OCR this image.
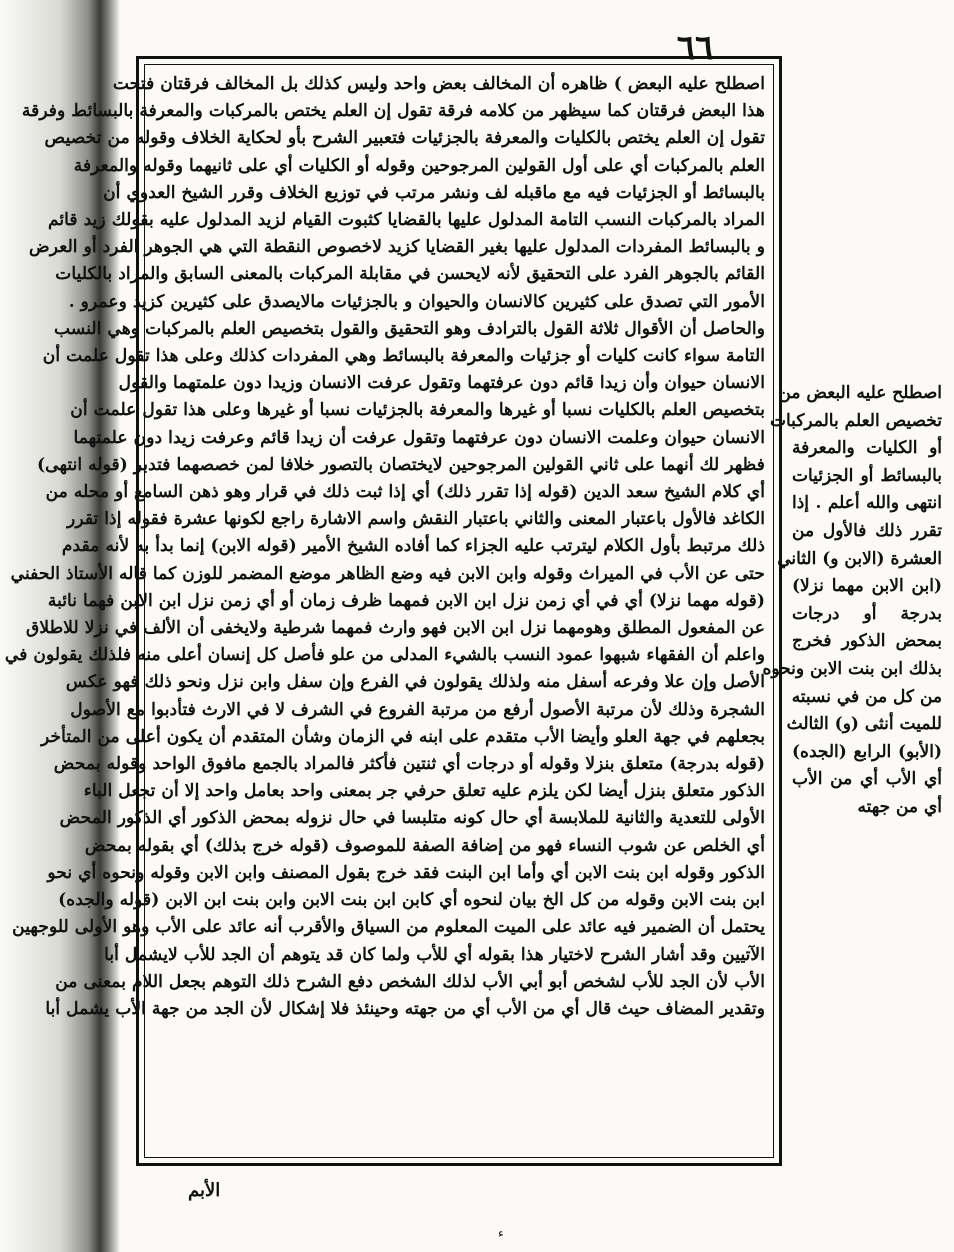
٦٦
اصطلح عليه البعض ) ظاهره أن المخالف بعض واحد وليس كذلك بل المخالف فرقتان فتحت
هذا البعض فرقتان كما سيظهر من كلامه فرقة تقول إن العلم يختص بالمركبات والمعرفة بالبسائط وفرقة
تقول إن العلم يختص بالكليات والمعرفة بالجزئيات فتعبير الشرح بأو لحكاية الخلاف وقوله من تخصيص
العلم بالمركبات أي على أول القولين المرجوحين وقوله أو الكليات أي على ثانيهما وقوله والمعرفة
بالبسائط أو الجزئيات فيه مع ماقبله لف ونشر مرتب في توزيع الخلاف وقرر الشيخ العدوي أن
المراد بالمركبات النسب التامة المدلول عليها بالقضايا كثبوت القيام لزيد المدلول عليه بقولك زيد قائم
و بالبسائط المفردات المدلول عليها بغير القضايا كزيد لاخصوص النقطة التي هي الجوهر الفرد أو العرض
القائم بالجوهر الفرد على التحقيق لأنه لايحسن في مقابلة المركبات بالمعنى السابق والمراد بالكليات
الأمور التي تصدق على كثيرين كالانسان والحيوان و بالجزئيات مالايصدق على كثيرين كزيد وعمرو .
والحاصل أن الأقوال ثلاثة القول بالترادف وهو التحقيق والقول بتخصيص العلم بالمركبات وهي النسب
التامة سواء كانت كليات أو جزئيات والمعرفة بالبسائط وهي المفردات كذلك وعلى هذا تقول علمت أن
الانسان حيوان وأن زيدا قائم دون عرفتهما وتقول عرفت الانسان وزيدا دون علمتهما والقول
بتخصيص العلم بالكليات نسبا أو غيرها والمعرفة بالجزئيات نسبا أو غيرها وعلى هذا تقول علمت أن
الانسان حيوان وعلمت الانسان دون عرفتهما وتقول عرفت أن زيدا قائم وعرفت زيدا دون علمتهما
فظهر لك أنهما على ثاني القولين المرجوحين لايختصان بالتصور خلافا لمن خصصهما فتدبر (قوله انتهى)
أي كلام الشيخ سعد الدين (قوله إذا تقرر ذلك) أي إذا ثبت ذلك في قرار وهو ذهن السامع أو محله من
الكاغد فالأول باعتبار المعنى والثاني باعتبار النقش واسم الاشارة راجع لكونها عشرة فقوله إذا تقرر
ذلك مرتبط بأول الكلام ليترتب عليه الجزاء كما أفاده الشيخ الأمير (قوله الابن) إنما بدأ به لأنه مقدم
حتى عن الأب في الميراث وقوله وابن الابن فيه وضع الظاهر موضع المضمر للوزن كما قاله الأستاذ الحفني
(قوله مهما نزلا) أي في أي زمن نزل ابن الابن فمهما ظرف زمان أو أي زمن نزل ابن الابن فهما نائبة
عن المفعول المطلق وهومهما نزل ابن الابن فهو وارث فمهما شرطية ولايخفى أن الألف في نزلا للاطلاق
واعلم أن الفقهاء شبهوا عمود النسب بالشيء المدلى من علو فأصل كل إنسان أعلى منه فلذلك يقولون في
الأصل وإن علا وفرعه أسفل منه ولذلك يقولون في الفرع وإن سفل وابن نزل ونحو ذلك فهو عكس
الشجرة وذلك لأن مرتبة الأصول أرفع من مرتبة الفروع في الشرف لا في الارث فتأدبوا مع الأصول
بجعلهم في جهة العلو وأيضا الأب متقدم على ابنه في الزمان وشأن المتقدم أن يكون أعلى من المتأخر
(قوله بدرجة) متعلق بنزلا وقوله أو درجات أي ثنتين فأكثر فالمراد بالجمع مافوق الواحد وقوله بمحض
الذكور متعلق بنزل أيضا لكن يلزم عليه تعلق حرفي جر بمعنى واحد بعامل واحد إلا أن تجعل الباء
الأولى للتعدية والثانية للملابسة أي حال كونه متلبسا في حال نزوله بمحض الذكور أي الذكور المحض
أي الخلص عن شوب النساء فهو من إضافة الصفة للموصوف (قوله خرج بذلك) أي بقوله بمحض
الذكور وقوله ابن بنت الابن أي وأما ابن البنت فقد خرج بقول المصنف وابن الابن وقوله ونحوه أي نحو
ابن بنت الابن وقوله من كل الخ بيان لنحوه أي كابن ابن بنت الابن وابن بنت ابن الابن (قوله والجده)
يحتمل أن الضمير فيه عائد على الميت المعلوم من السياق والأقرب أنه عائد على الأب وهو الأولى للوجهين
الآتيين وقد أشار الشرح لاختيار هذا بقوله أي للأب ولما كان قد يتوهم أن الجد للأب لايشمل أبا
الأب لأن الجد للأب لشخص أبو أبي الأب لذلك الشخص دفع الشرح ذلك التوهم بجعل اللام بمعنى من
وتقدير المضاف حيث قال أي من الأب أي من جهته وحينئذ فلا إشكال لأن الجد من جهة الأب يشمل أبا
اصطلح عليه البعض من
تخصيص العلم بالمركبات
أو الكليات والمعرفة
بالبسائط أو الجزئيات
انتهى والله أعلم . إذا
تقرر ذلك فالأول من
العشرة (الابن و) الثاني
(ابن الابن مهما نزلا)
بدرجة أو درجات
بمحض الذكور فخرج
بذلك ابن بنت الابن ونحوه
من كل من في نسبته
للميت أنثى (و) الثالث
(الأبو) الرابع (الجده)
أي الأب أي من الأب
أي من جهته
الأبم
ء
